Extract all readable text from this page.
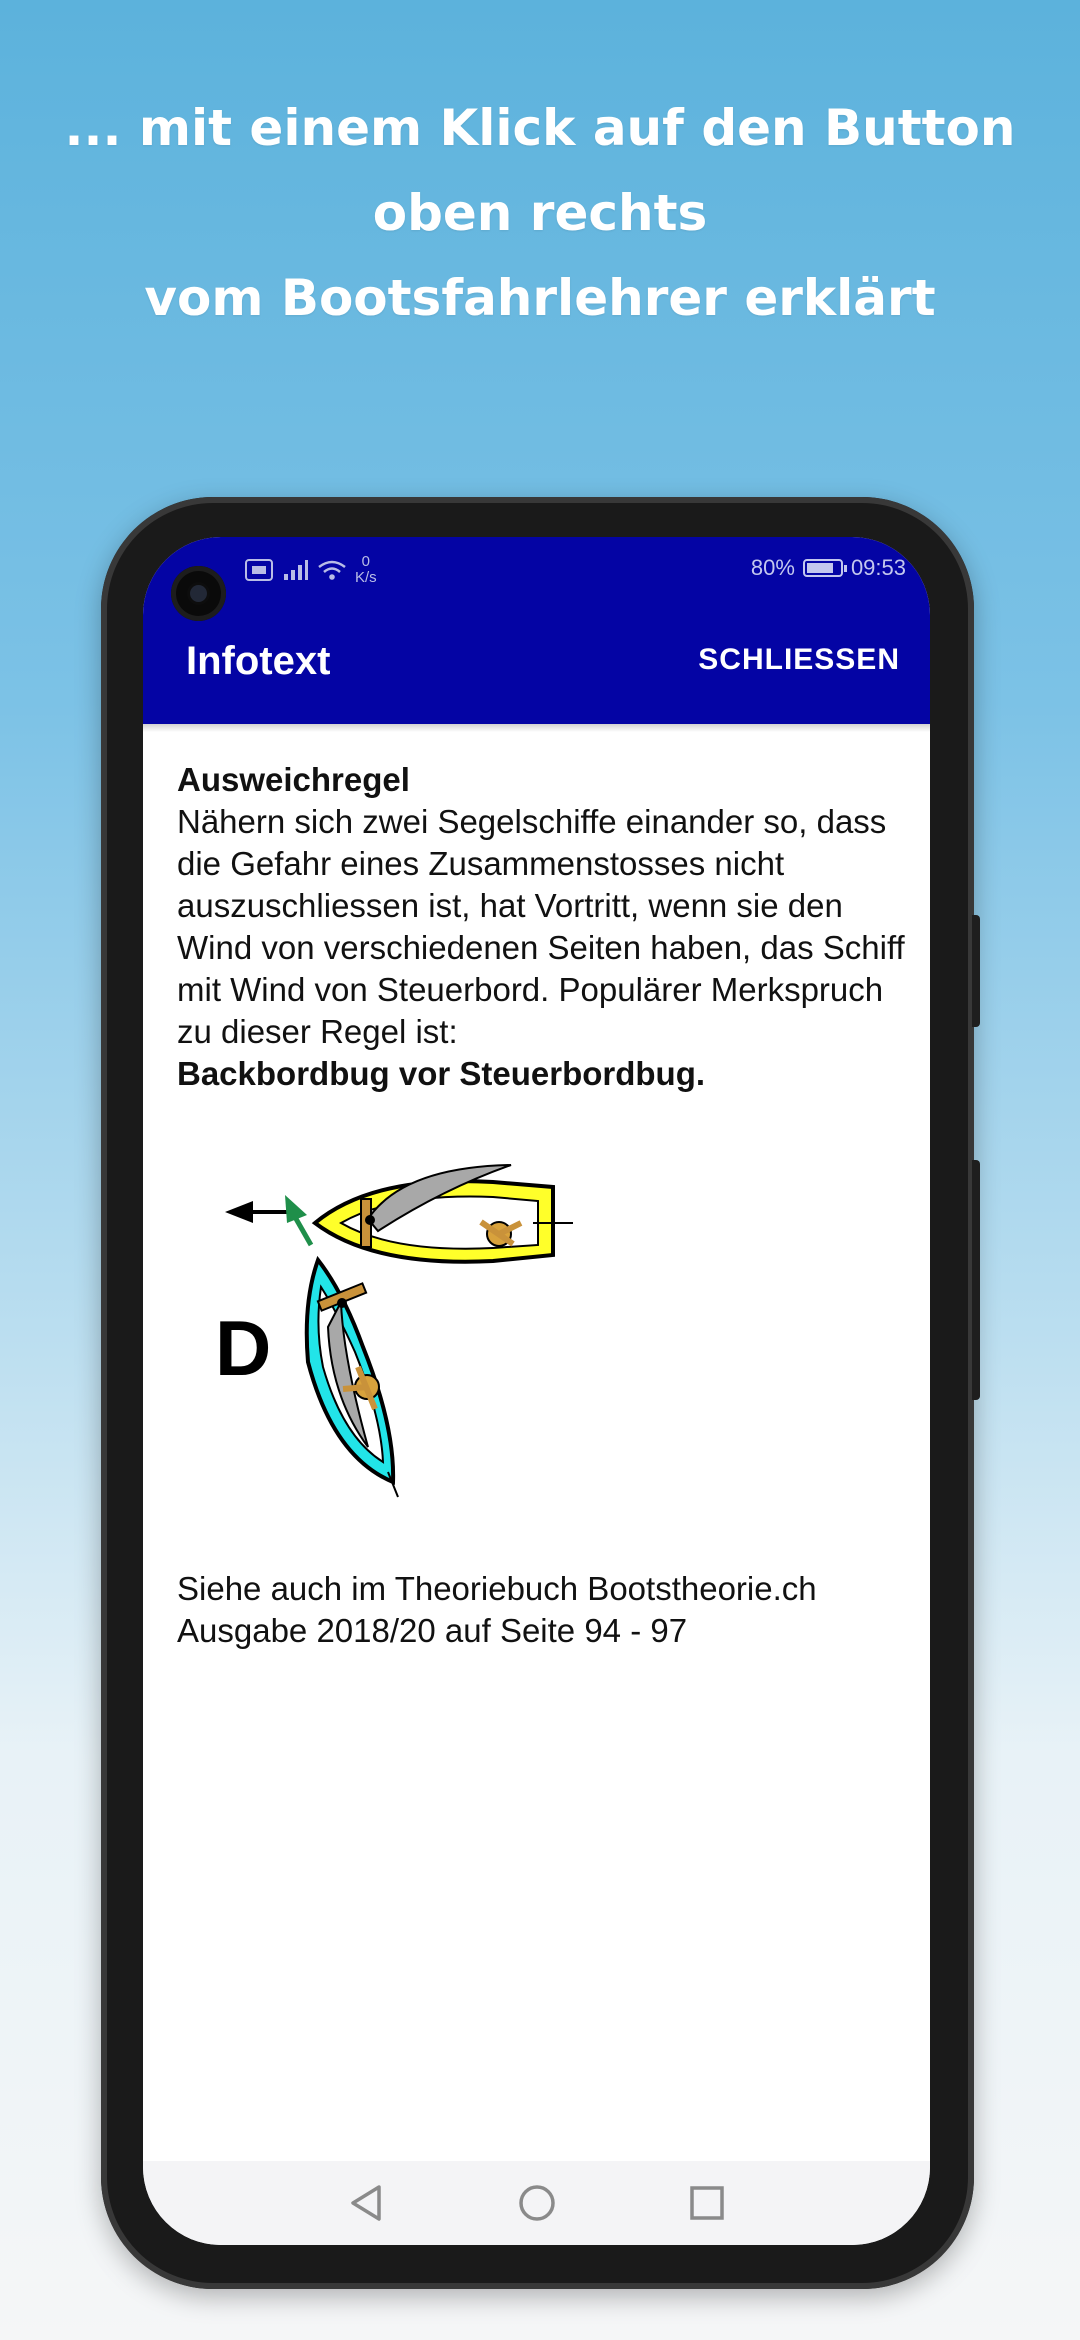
... mit einem Klick auf den Button
oben rechts
vom Bootsfahrlehrer erklärt
0
K/s	80%	09:53
Infotext	SCHLIESSEN
Ausweichregel
Nähern sich zwei Segelschiffe einander so, dass die Gefahr eines Zusammenstosses nicht auszuschliessen ist, hat Vortritt, wenn sie den Wind von verschiedenen Seiten haben, das Schiff mit Wind von Steuerbord. Populärer Merkspruch zu dieser Regel ist:
Backbordbug vor Steuerbordbug.
D
Siehe auch im Theoriebuch Bootstheorie.ch
Ausgabe 2018/20 auf Seite 94 - 97
